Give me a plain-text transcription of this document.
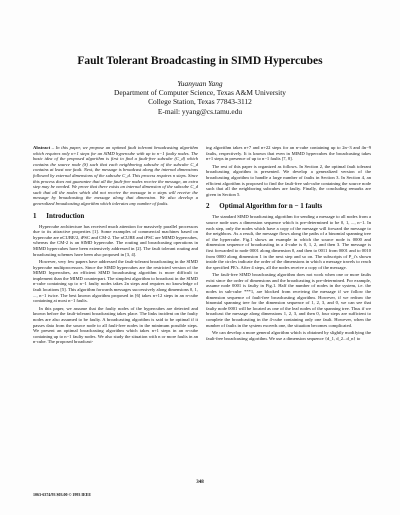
Fault Tolerant Broadcasting in SIMD Hypercubes
Yuanyuan Yang
Department of Computer Science, Texas A&M University
College Station, Texas 77843-3112
E-mail: yyang@cs.tamu.edu

Abstract – In this paper, we propose an optimal fault tolerant broadcasting algorithm which requires only n+1 steps for an SIMD hypercube with up to n−1 faulty nodes. The basic idea of the proposed algorithm is first to find a fault-free subcube (C_d) which contains the source node (S) such that each neighboring subcube of the subcube C_d contains at least one fault. Next, the message is broadcast along the internal dimensions followed by external dimensions of the subcube C_d. This process requires n steps. Since this process does not guarantee that all the fault-free nodes receive the message, an extra step may be needed. We prove that there exists an internal dimension of the subcube C_d such that all the nodes which did not receive the message in n steps will receive the message by broadcasting the message along that dimension. We also develop a generalized broadcasting algorithm which tolerates any number of faults.

1 Introduction

Hypercube architecture has received much attention for massively parallel processors due to its attractive properties [1]. Some examples of commercial machines based on hypercube are nCUBE/2, iPSC and CM-2. The nCUBE and iPSC are MIMD hypercubes, whereas the CM-2 is an SIMD hypercube. The routing and broadcasting operations in MIMD hypercubes have been extensively addressed in [2]. The fault tolerant routing and broadcasting schemes have been also proposed in [3, 4].

However, very few papers have addressed the fault-tolerant broadcasting in the SIMD hypercube multiprocessors. Since the SIMD hypercubes are the restricted version of the MIMD hypercubes, an efficient SIMD broadcasting algorithm is more difficult to implement than the MIMD counterpart. The simplest algorithm to broadcast in the SIMD n-cube containing up to n−1 faulty nodes takes 2n steps and requires no knowledge of fault locations [5]. This algorithm forwards messages successively along dimensions 0, 1, ..., n−1 twice. The best known algorithm proposed in [6] takes n+12 steps in an n-cube containing at most n−1 faults.

In this paper, we assume that the faulty nodes of the hypercubes are detected and known before the fault-tolerant broadcasting takes place. The links incident on the faulty nodes are also assumed to be faulty. A broadcasting algorithm is said to be optimal if it passes data from the source node to all fault-free nodes in the minimum possible steps. We present an optimal broadcasting algorithm which takes n+1 steps in an n-cube containing up to n−1 faulty nodes. We also study the situation with n or more faults in an n-cube. The proposed broadcast-

ing algorithm takes n+7 and n+22 steps for an n-cube containing up to 2n−3 and 4n−9 faults, respectively. It is known that even in MIMD hypercubes the broadcasting takes n+1 steps in presence of up to n−1 faults [7, 8].

The rest of this paper is organized as follows. In Section 2, the optimal fault tolerant broadcasting algorithm is presented. We develop a generalized version of the broadcasting algorithm to handle a large number of faults in Section 3. In Section 4, an efficient algorithm is proposed to find the fault-free sub-cube containing the source node such that all the neighboring subcubes are faulty. Finally, the concluding remarks are given in Section 5.

2 Optimal Algorithm for n − 1 faults

The standard SIMD broadcasting algorithm for sending a message to all nodes from a source node uses a dimension sequence which is pre-determined to be 0, 1, ..., n−1. In each step, only the nodes which have a copy of the message will forward the message to the neighbors. As a result, the message flows along the paths of a binomial spanning tree of the hypercube. Fig.1 shows an example in which the source node is 0000 and dimension sequence of broadcasting in a 4-cube is 0, 1, 2, and then 3. The message is first forwarded to node 0001 along dimension 0, and then to 0011 from 0001 and to 0010 from 0000 along dimension 1 in the next step and so on. The subscripts of P_i's shown inside the circles indicate the order of the dimensions in which a message travels to reach the specified PE's. After 4 steps, all the nodes receive a copy of the message.

The fault-free SIMD broadcasting algorithm does not work when one or more faults exist since the order of dimensions and the broadcasting is pre-determined. For example, assume node 0001 is faulty in Fig.1. Half the number of nodes in the system, i.e. the nodes in sub-cube ***1, are blocked from receiving the message if we follow the dimension sequence of fault-free broadcasting algorithm. However, if we redraw the binomial spanning tree for the dimension sequence of 1, 2, 3, and 0, we can see that faulty node 0001 will be located as one of the leaf nodes of the spanning tree. Thus if we broadcast the message along dimensions 1, 2, 3, and then 0, four steps are sufficient to complete the broadcasting in the 4-cube containing only one fault. However, when the number of faults in the system exceeds one, the situation becomes complicated.

We can develop a more general algorithm which is obtained by slightly modifying the fault-free broadcasting algorithm. We use a dimension sequence {d_1, d_2...d_n} to

348
1063-6374/93 $03.00 © 1993 IEEE
